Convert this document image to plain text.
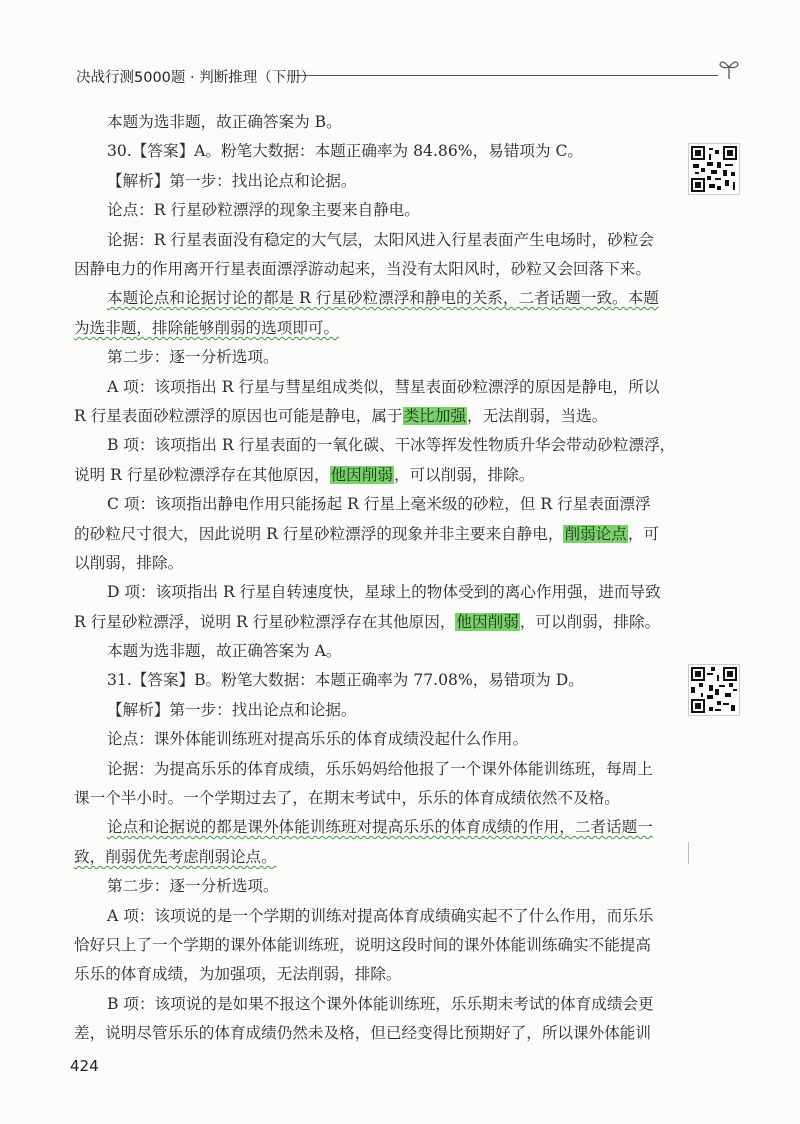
决战行测5000题 · 判断推理（下册）
本题为选非题，故正确答案为 B。
30.【答案】A。粉笔大数据：本题正确率为 84.86%，易错项为 C。
【解析】第一步：找出论点和论据。
论点：R 行星砂粒漂浮的现象主要来自静电。
论据：R 行星表面没有稳定的大气层，太阳风进入行星表面产生电场时，砂粒会
因静电力的作用离开行星表面漂浮游动起来，当没有太阳风时，砂粒又会回落下来。
本题论点和论据讨论的都是 R 行星砂粒漂浮和静电的关系，二者话题一致。本题
为选非题，排除能够削弱的选项即可。
第二步：逐一分析选项。
A 项：该项指出 R 行星与彗星组成类似，彗星表面砂粒漂浮的原因是静电，所以
R 行星表面砂粒漂浮的原因也可能是静电，属于类比加强，无法削弱，当选。
B 项：该项指出 R 行星表面的一氧化碳、干冰等挥发性物质升华会带动砂粒漂浮，
说明 R 行星砂粒漂浮存在其他原因，他因削弱，可以削弱，排除。
C 项：该项指出静电作用只能扬起 R 行星上毫米级的砂粒，但 R 行星表面漂浮
的砂粒尺寸很大，因此说明 R 行星砂粒漂浮的现象并非主要来自静电，削弱论点，可
以削弱，排除。
D 项：该项指出 R 行星自转速度快，星球上的物体受到的离心作用强，进而导致
R 行星砂粒漂浮，说明 R 行星砂粒漂浮存在其他原因，他因削弱，可以削弱，排除。
本题为选非题，故正确答案为 A。
31.【答案】B。粉笔大数据：本题正确率为 77.08%，易错项为 D。
【解析】第一步：找出论点和论据。
论点：课外体能训练班对提高乐乐的体育成绩没起什么作用。
论据：为提高乐乐的体育成绩，乐乐妈妈给他报了一个课外体能训练班，每周上
课一个半小时。一个学期过去了，在期末考试中，乐乐的体育成绩依然不及格。
论点和论据说的都是课外体能训练班对提高乐乐的体育成绩的作用，二者话题一
致，削弱优先考虑削弱论点。
第二步：逐一分析选项。
A 项：该项说的是一个学期的训练对提高体育成绩确实起不了什么作用，而乐乐
恰好只上了一个学期的课外体能训练班，说明这段时间的课外体能训练确实不能提高
乐乐的体育成绩，为加强项，无法削弱，排除。
B 项：该项说的是如果不报这个课外体能训练班，乐乐期末考试的体育成绩会更
差，说明尽管乐乐的体育成绩仍然未及格，但已经变得比预期好了，所以课外体能训
424
